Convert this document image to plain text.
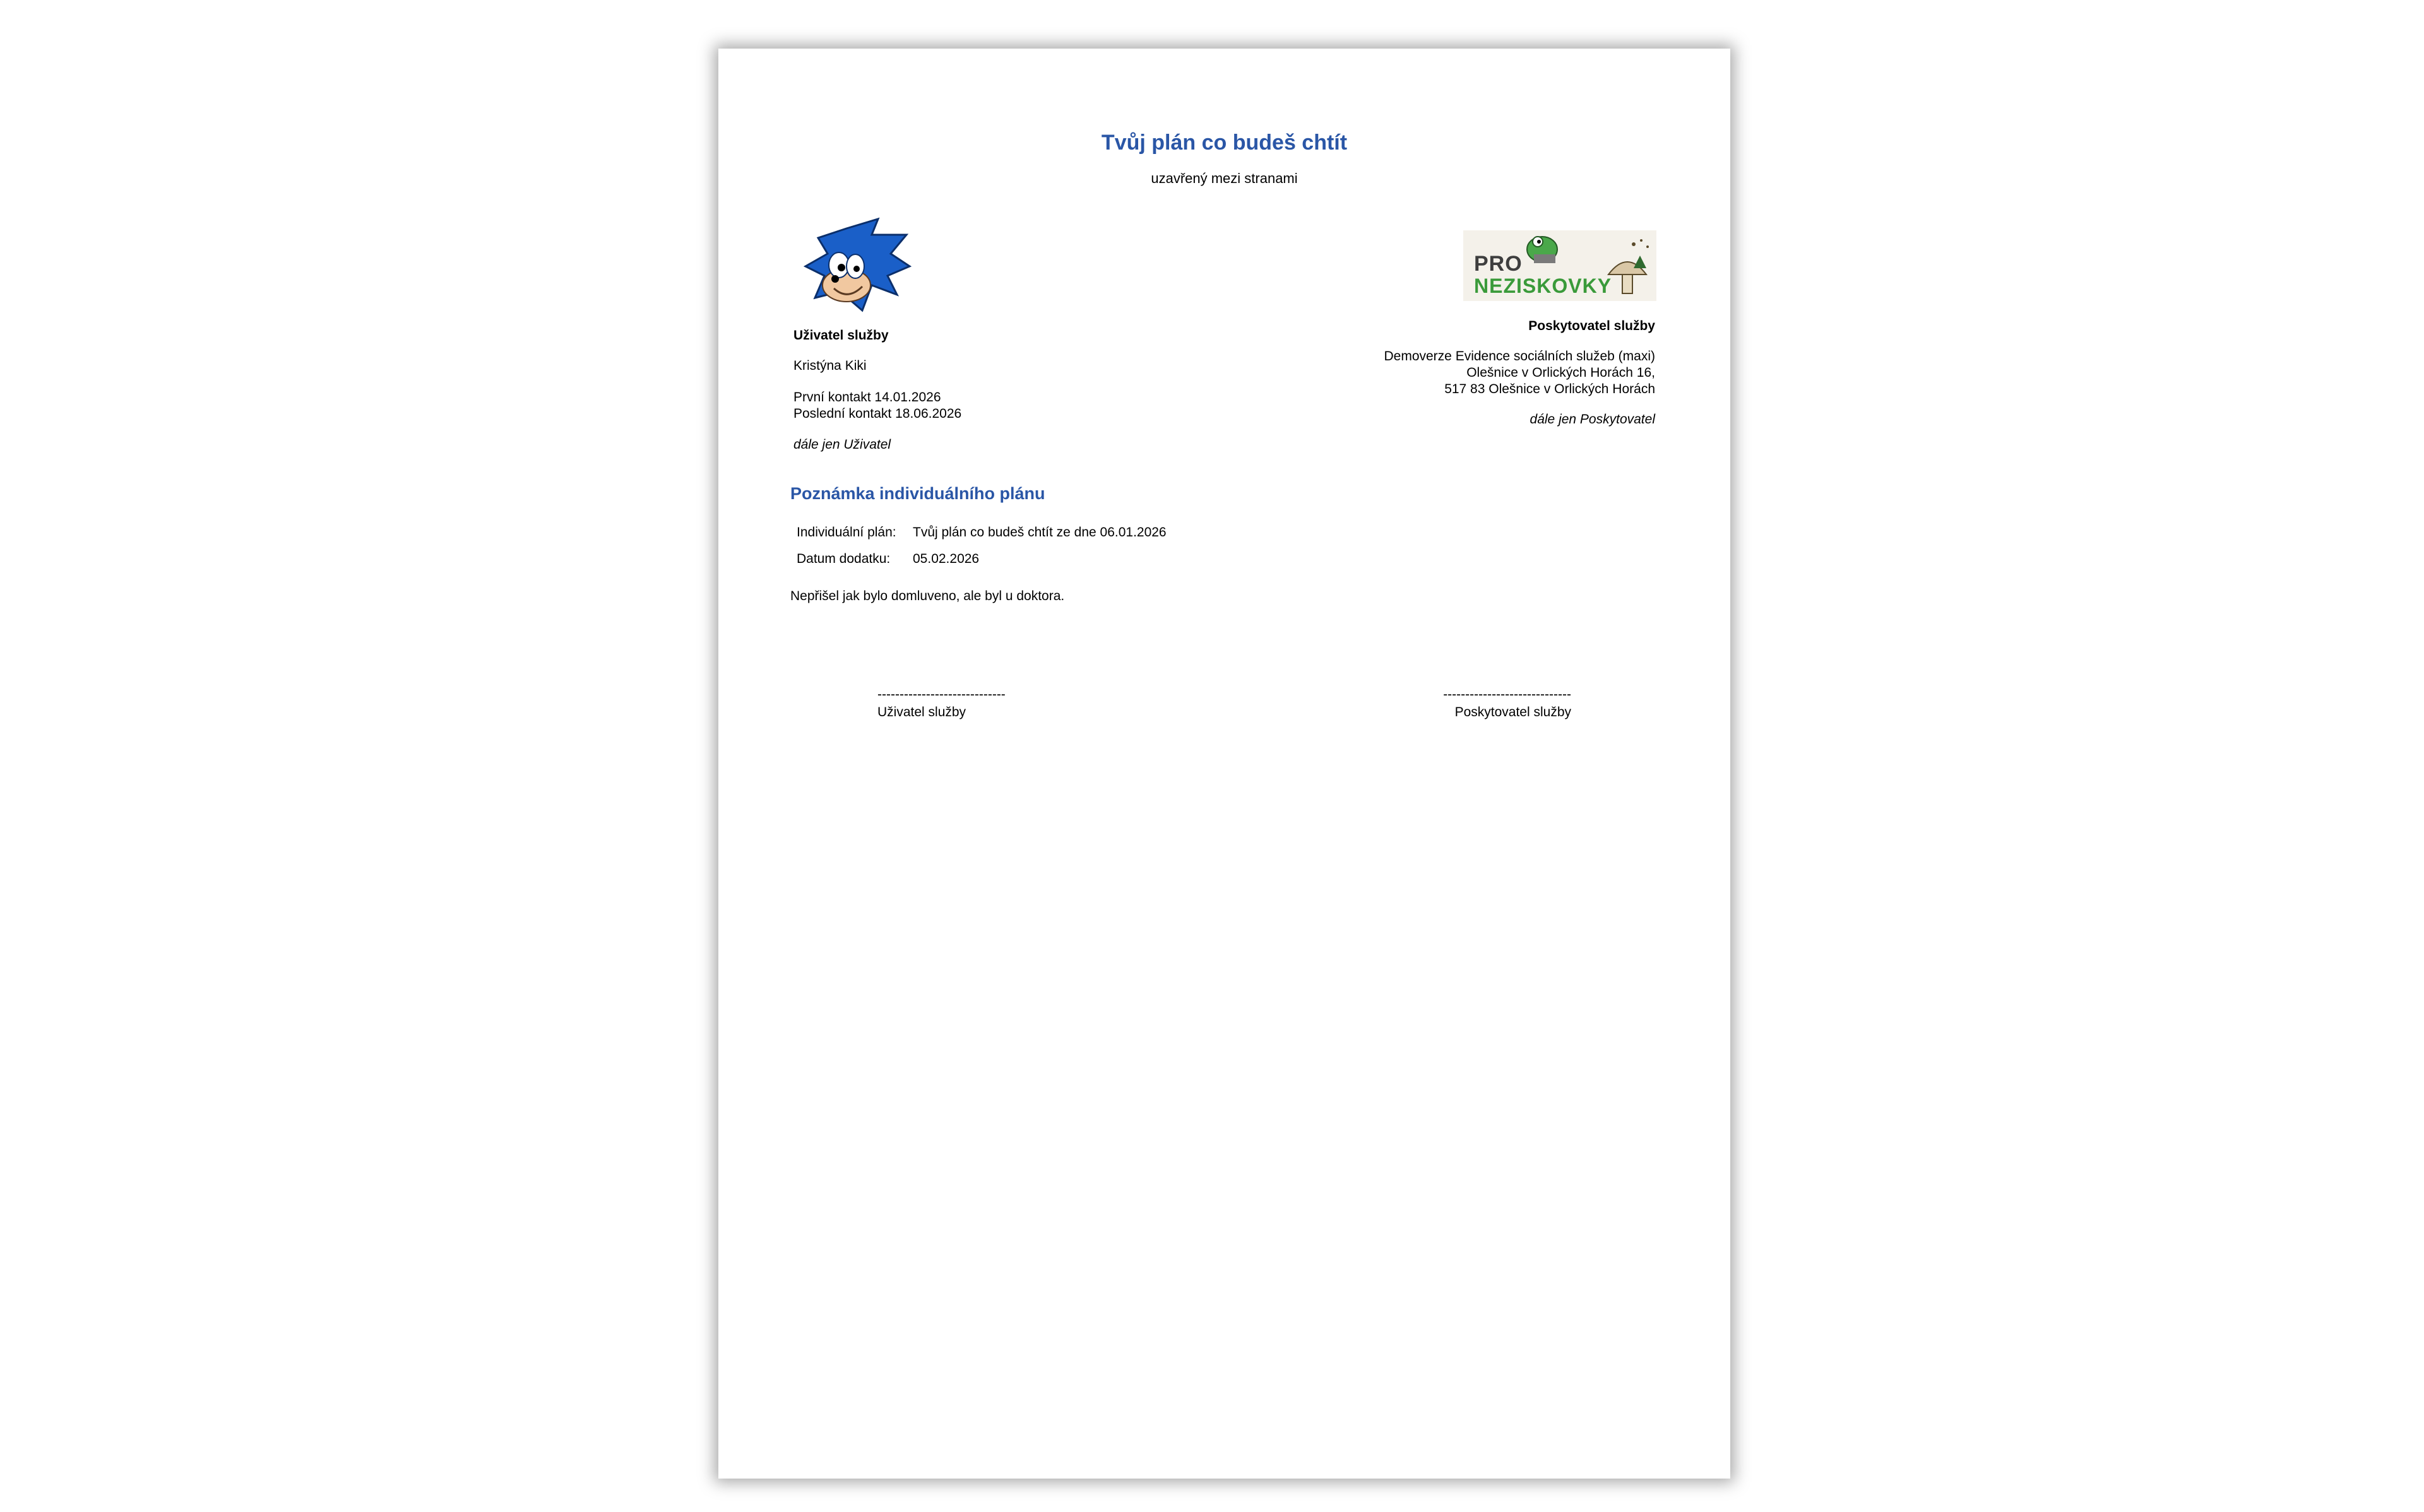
Tvůj plán co budeš chtít
uzavřený mezi stranami
PRO
NEZISKOVKY
Uživatel služby
Kristýna Kiki
První kontakt 14.01.2026
Poslední kontakt 18.06.2026
dále jen Uživatel
Poskytovatel služby
Demoverze Evidence sociálních služeb (maxi)
Olešnice v Orlických Horách 16,
517 83 Olešnice v Orlických Horách
dále jen Poskytovatel
Poznámka individuálního plánu
Individuální plán: Tvůj plán co budeš chtít ze dne 06.01.2026
Datum dodatku: 05.02.2026
Nepřišel jak bylo domluveno, ale byl u doktora.
-----------------------------
Uživatel služby
-----------------------------
Poskytovatel služby
